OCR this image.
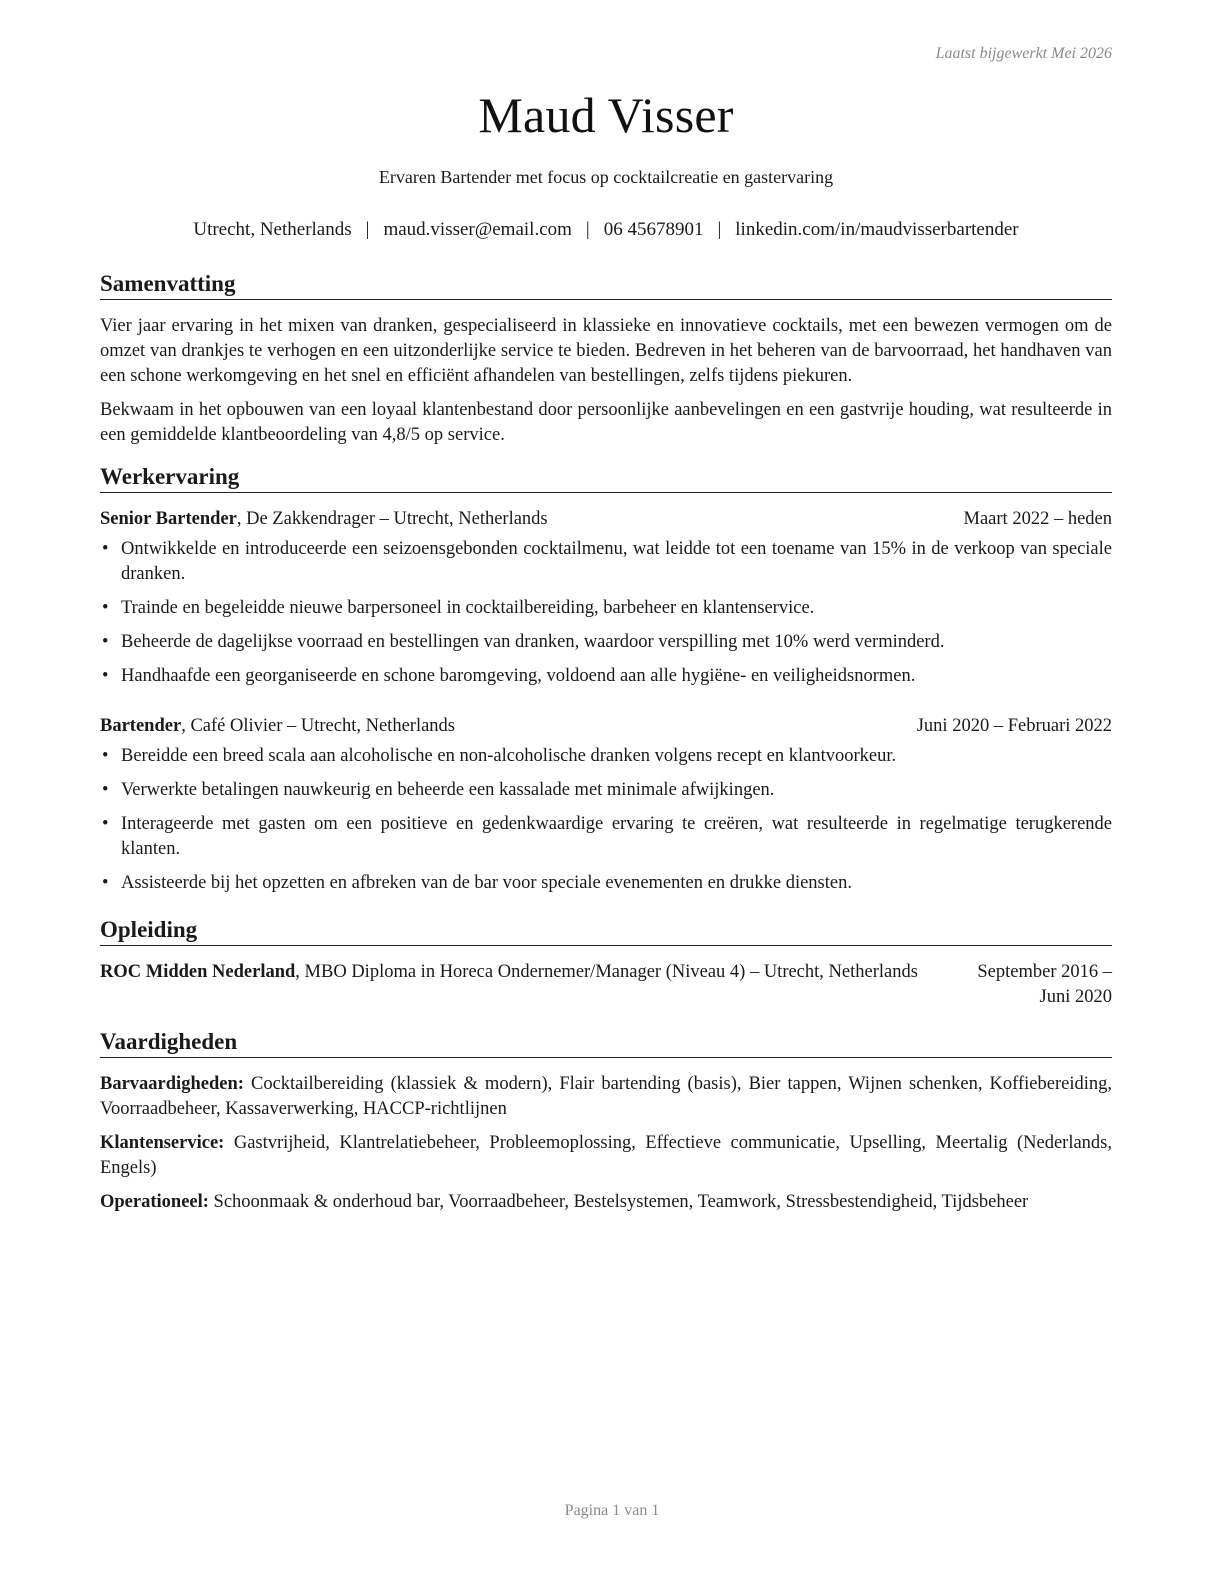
Laatst bijgewerkt Mei 2026
Maud Visser
Ervaren Bartender met focus op cocktailcreatie en gastervaring
Utrecht, Netherlands | maud.visser@email.com | 06 45678901 | linkedin.com/in/maudvisserbartender
Samenvatting

Vier jaar ervaring in het mixen van dranken, gespecialiseerd in klassieke en innovatieve cocktails, met een bewezen vermogen om de omzet van drankjes te verhogen en een uitzonderlijke service te bieden. Bedreven in het beheren van de barvoorraad, het handhaven van een schone werkomgeving en het snel en efficiënt afhandelen van bestellingen, zelfs tijdens piekuren.

Bekwaam in het opbouwen van een loyaal klantenbestand door persoonlijke aanbevelingen en een gastvrije houding, wat resulteerde in een gemiddelde klantbeoordeling van 4,8/5 op service.

Werkervaring
Senior Bartender, De Zakkendrager – Utrecht, Netherlands	Maart 2022 – heden
• Ontwikkelde en introduceerde een seizoensgebonden cocktailmenu, wat leidde tot een toename van 15% in de verkoop van speciale dranken.
• Trainde en begeleidde nieuwe barpersoneel in cocktailbereiding, barbeheer en klantenservice.
• Beheerde de dagelijkse voorraad en bestellingen van dranken, waardoor verspilling met 10% werd verminderd.
• Handhaafde een georganiseerde en schone baromgeving, voldoend aan alle hygiëne- en veiligheidsnormen.
Bartender, Café Olivier – Utrecht, Netherlands	Juni 2020 – Februari 2022
• Bereidde een breed scala aan alcoholische en non-alcoholische dranken volgens recept en klantvoorkeur.
• Verwerkte betalingen nauwkeurig en beheerde een kassalade met minimale afwijkingen.
• Interageerde met gasten om een positieve en gedenkwaardige ervaring te creëren, wat resulteerde in regelmatige terugkerende klanten.
• Assisteerde bij het opzetten en afbreken van de bar voor speciale evenementen en drukke diensten.
Opleiding
ROC Midden Nederland, MBO Diploma in Horeca Ondernemer/Manager (Niveau 4) – Utrecht, Netherlands	September 2016 – Juni 2020
Vaardigheden

Barvaardigheden: Cocktailbereiding (klassiek & modern), Flair bartending (basis), Bier tappen, Wijnen schenken, Koffiebereiding, Voorraadbeheer, Kassaverwerking, HACCP-richtlijnen

Klantenservice: Gastvrijheid, Klantrelatiebeheer, Probleemoplossing, Effectieve communicatie, Upselling, Meertalig (Nederlands, Engels)

Operationeel: Schoonmaak & onderhoud bar, Voorraadbeheer, Bestelsystemen, Teamwork, Stressbestendigheid, Tijdsbeheer

Pagina 1 van 1
